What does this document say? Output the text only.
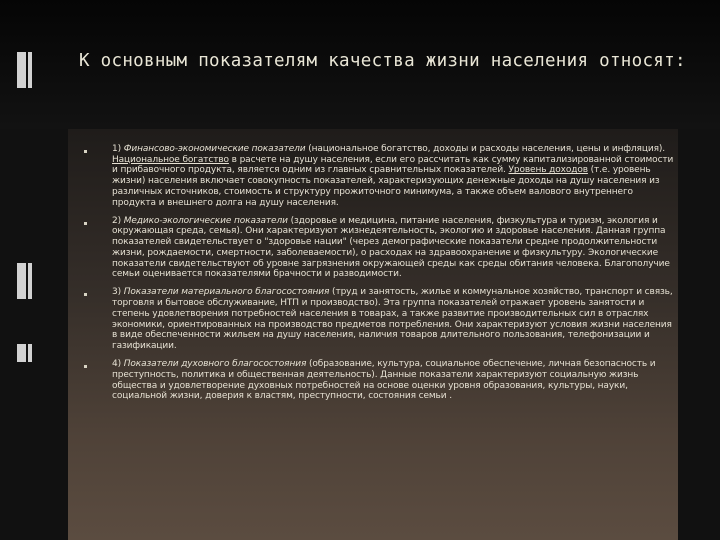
К основным показателям качества жизни населения относят:
1) Финансово-экономические показатели (национальное богатство, доходы и расходы населения, цены и инфляция). Национальное богатство в расчете на душу населения, если его рассчитать как сумму капитализированной стоимости и прибавочного продукта, является одним из главных сравнительных показателей. Уровень доходов (т.е. уровень жизни) населения включает совокупность показателей, характеризующих денежные доходы на душу населения из различных источников, стоимость и структуру прожиточного минимума, а также объем валового внутреннего продукта и внешнего долга на душу населения.
2) Медико-экологические показатели (здоровье и медицина, питание населения, физкультура и туризм, экология и окружающая среда, семья). Они характеризуют жизнедеятельность, экологию и здоровье населения. Данная группа показателей свидетельствует о "здоровье нации" (через демографические показатели средне продолжительности жизни, рождаемости, смертности, заболеваемости), о расходах на здравоохранение и физкультуру. Экологические показатели свидетельствуют об уровне загрязнения окружающей среды как среды обитания человека. Благополучие семьи оценивается показателями брачности и разводимости.
3) Показатели материального благосостояния (труд и занятость, жилье и коммунальное хозяйство, транспорт и связь, торговля и бытовое обслуживание, НТП и производство). Эта группа показателей отражает уровень занятости и степень удовлетворения потребностей населения в товарах, а также развитие производительных сил в отраслях экономики, ориентированных на производство предметов потребления. Они характеризуют условия жизни населения в виде обеспеченности жильем на душу населения, наличия товаров длительного пользования, телефонизации и газификации.
4) Показатели духовного благосостояния (образование, культура, социальное обеспечение, личная безопасность и преступность, политика и общественная деятельность). Данные показатели характеризуют социальную жизнь общества и удовлетворение духовных потребностей на основе оценки уровня образования, культуры, науки, социальной жизни, доверия к властям, преступности, состояния семьи .
